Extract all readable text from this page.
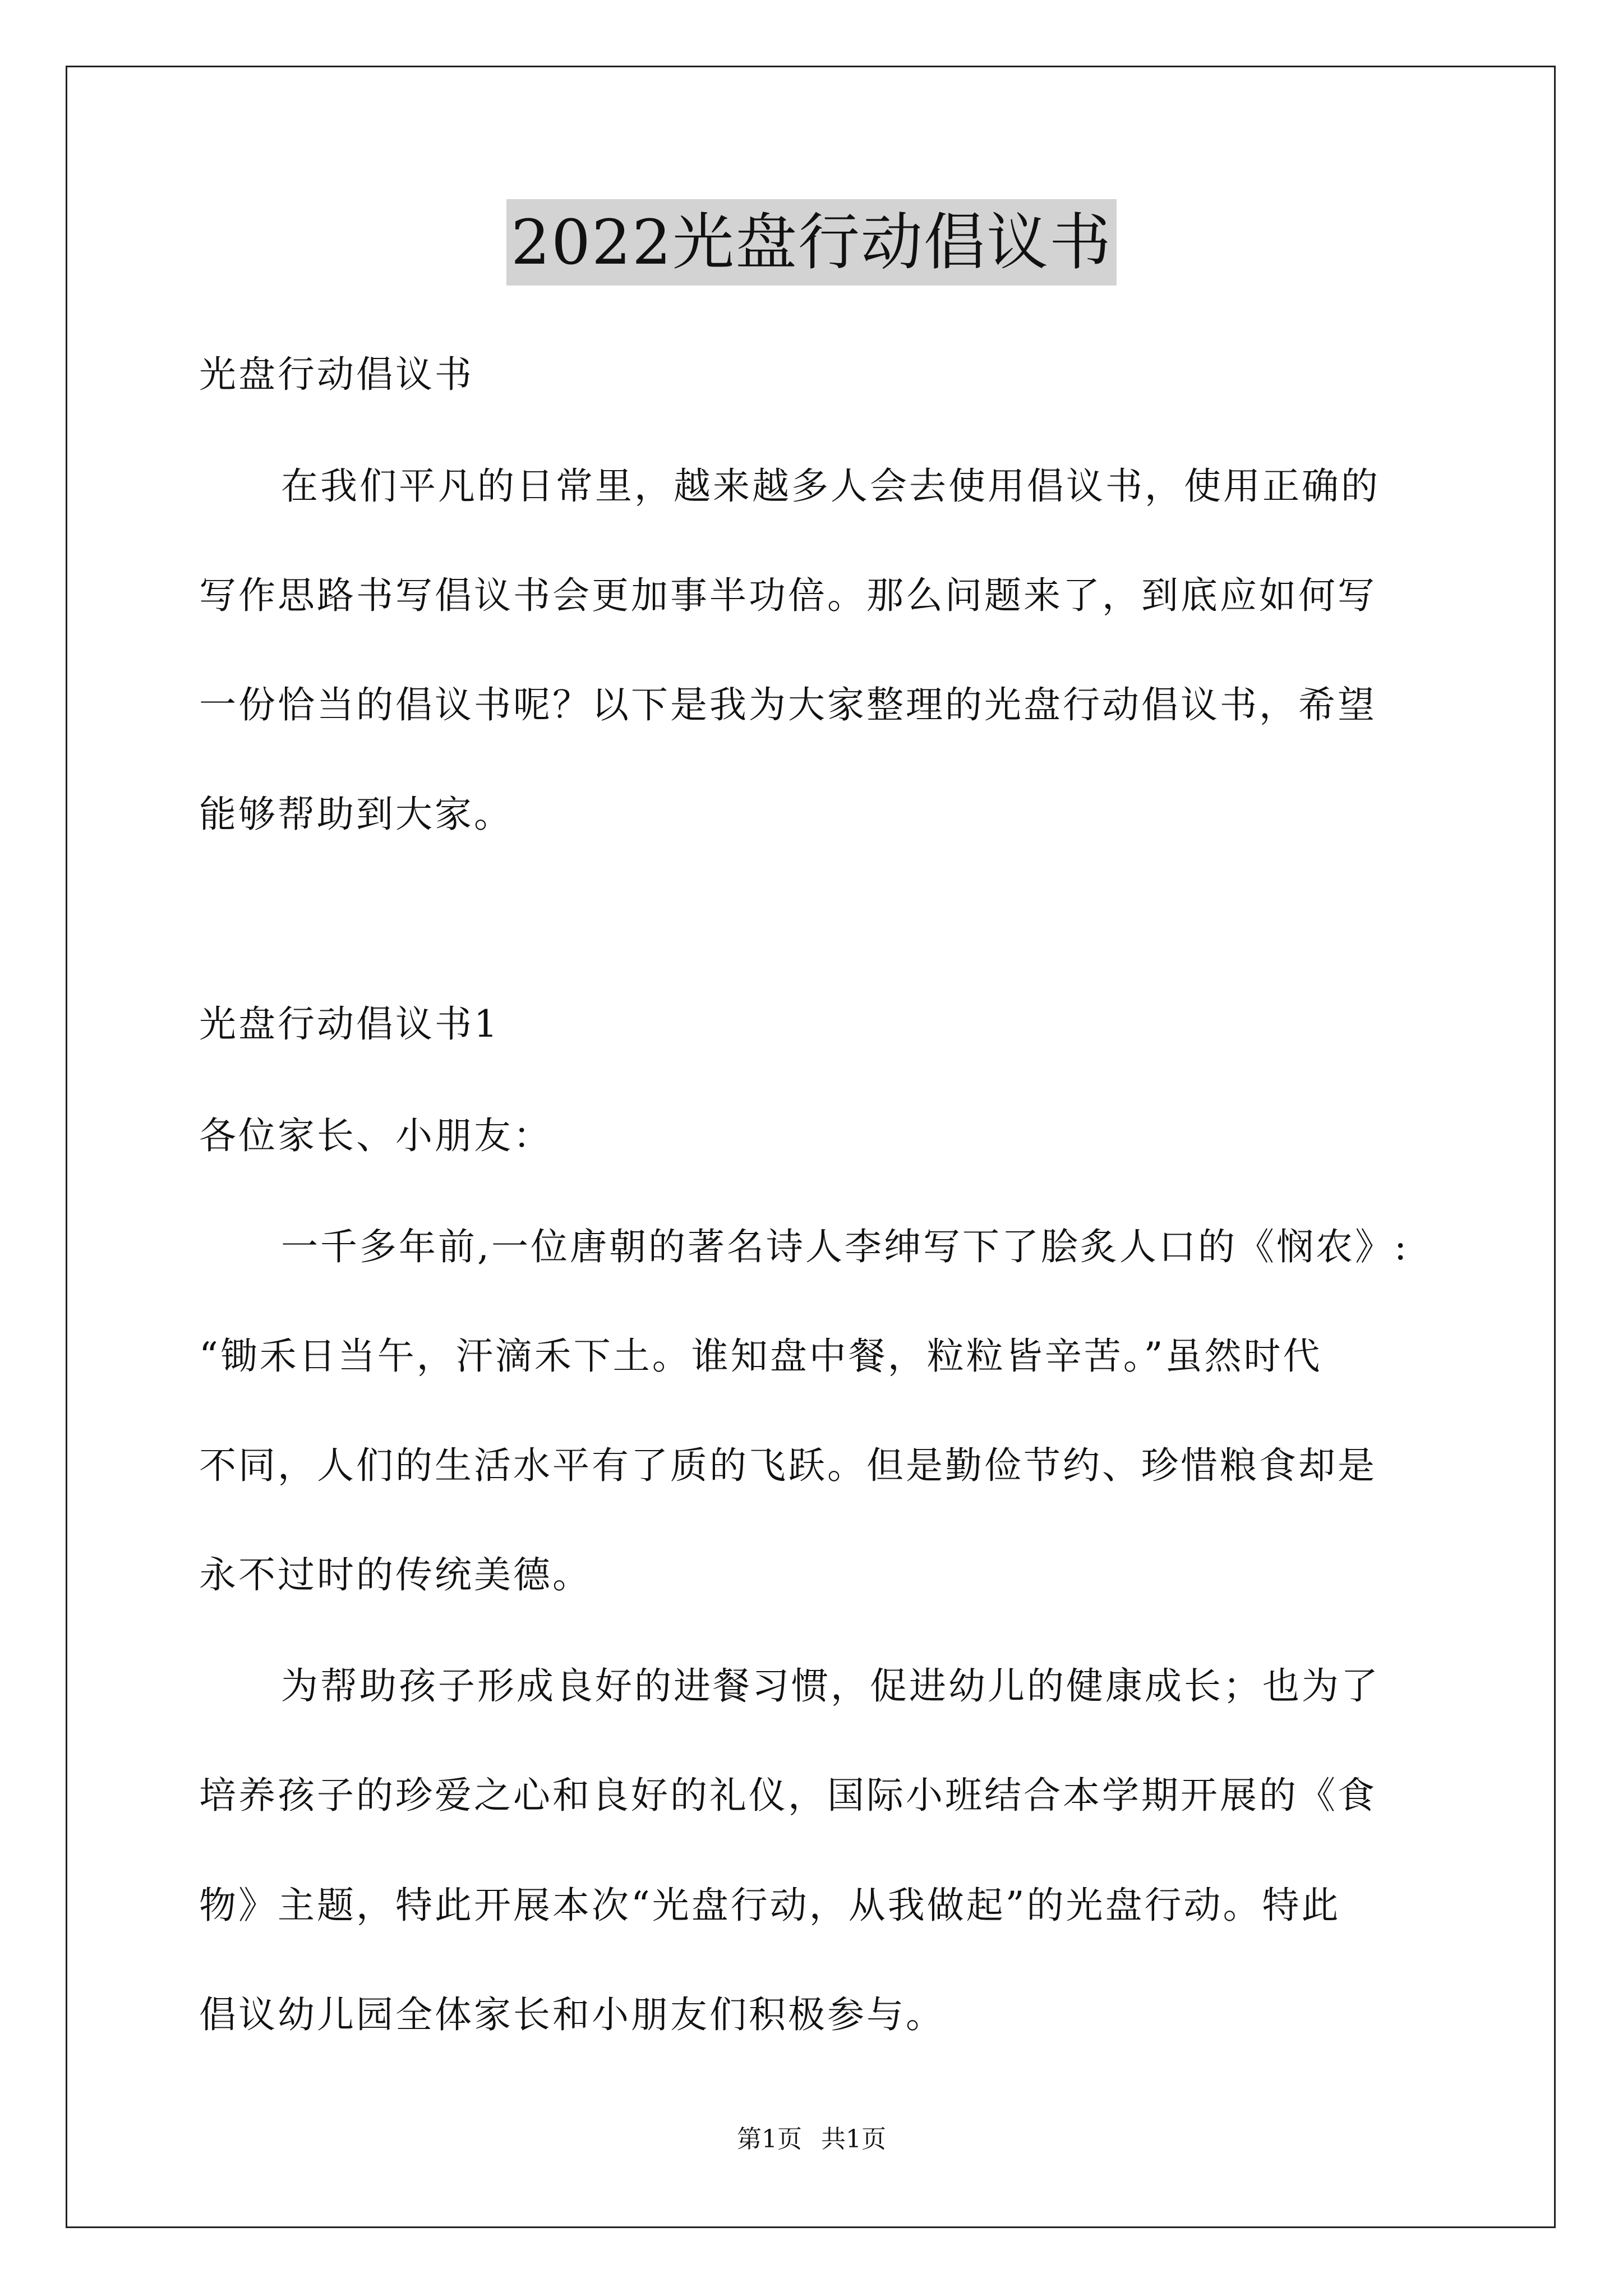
2022光盘行动倡议书
光盘行动倡议书
在我们平凡的日常里，越来越多人会去使用倡议书，使用正确的
写作思路书写倡议书会更加事半功倍。那么问题来了，到底应如何写
一份恰当的倡议书呢？以下是我为大家整理的光盘行动倡议书，希望
能够帮助到大家。
光盘行动倡议书1
各位家长、小朋友：
一千多年前,一位唐朝的著名诗人李绅写下了脍炙人口的《悯农》:
“锄禾日当午，汗滴禾下土。谁知盘中餐，粒粒皆辛苦。”虽然时代
不同，人们的生活水平有了质的飞跃。但是勤俭节约、珍惜粮食却是
永不过时的传统美德。
为帮助孩子形成良好的进餐习惯，促进幼儿的健康成长；也为了
培养孩子的珍爱之心和良好的礼仪，国际小班结合本学期开展的《食
物》主题，特此开展本次“光盘行动，从我做起”的光盘行动。特此
倡议幼儿园全体家长和小朋友们积极参与。
第1页 共1页
